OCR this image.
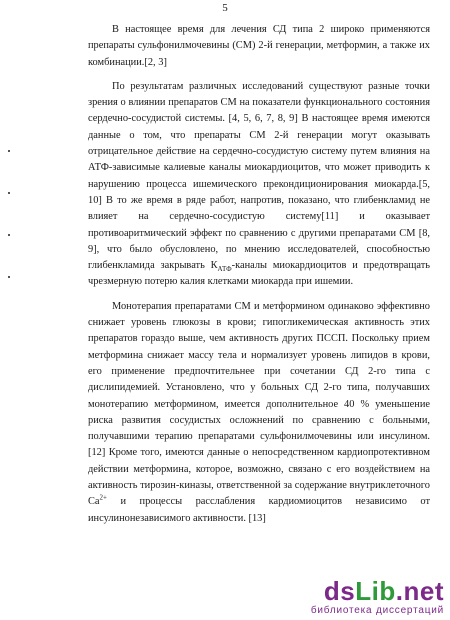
5

В настоящее время для лечения СД типа 2 широко применяются препараты сульфонилмочевины (СМ) 2-й генерации, метформин, а также их комбинации.[2, 3]

По результатам различных исследований существуют разные точки зрения о влиянии препаратов СМ на показатели функционального состояния сердечно-сосудистой системы. [4, 5, 6, 7, 8, 9] В настоящее время имеются данные о том, что препараты СМ 2-й генерации могут оказывать отрицательное действие на сердечно-сосудистую систему путем влияния на АТФ-зависимые калиевые каналы миокардиоцитов, что может приводить к нарушению процесса ишемического прекондиционирования миокарда.[5, 10] В то же время в ряде работ, напротив, показано, что глибенкламид не влияет на сердечно-сосудистую систему[11] и оказывает противоаритмический эффект по сравнению с другими препаратами СМ [8, 9], что было обусловлено, по мнению исследователей, способностью глибенкламида закрывать $К_{АТФ}$-каналы миокардиоцитов и предотвращать чрезмерную потерю калия клетками миокарда при ишемии.

Монотерапия препаратами СМ и метформином одинаково эффективно снижает уровень глюкозы в крови; гипогликемическая активность этих препаратов гораздо выше, чем активность других ПССП. Поскольку прием метформина снижает массу тела и нормализует уровень липидов в крови, его применение предпочтительнее при сочетании СД 2-го типа с дислипидемией. Установлено, что у больных СД 2-го типа, получавших монотерапию метформином, имеется дополнительное 40 % уменьшение риска развития сосудистых осложнений по сравнению с больными, получавшими терапию препаратами сульфонилмочевины или инсулином.[12] Кроме того, имеются данные о непосредственном кардиопротективном действии метформина, которое, возможно, связано с его воздействием на активность тирозин-киназы, ответственной за содержание внутриклеточного $Ca^{2+}$ и процессы расслабления кардиомиоцитов независимо от инсулинонезависимого активности. [13]

dsLib.net
библиотека диссертаций
